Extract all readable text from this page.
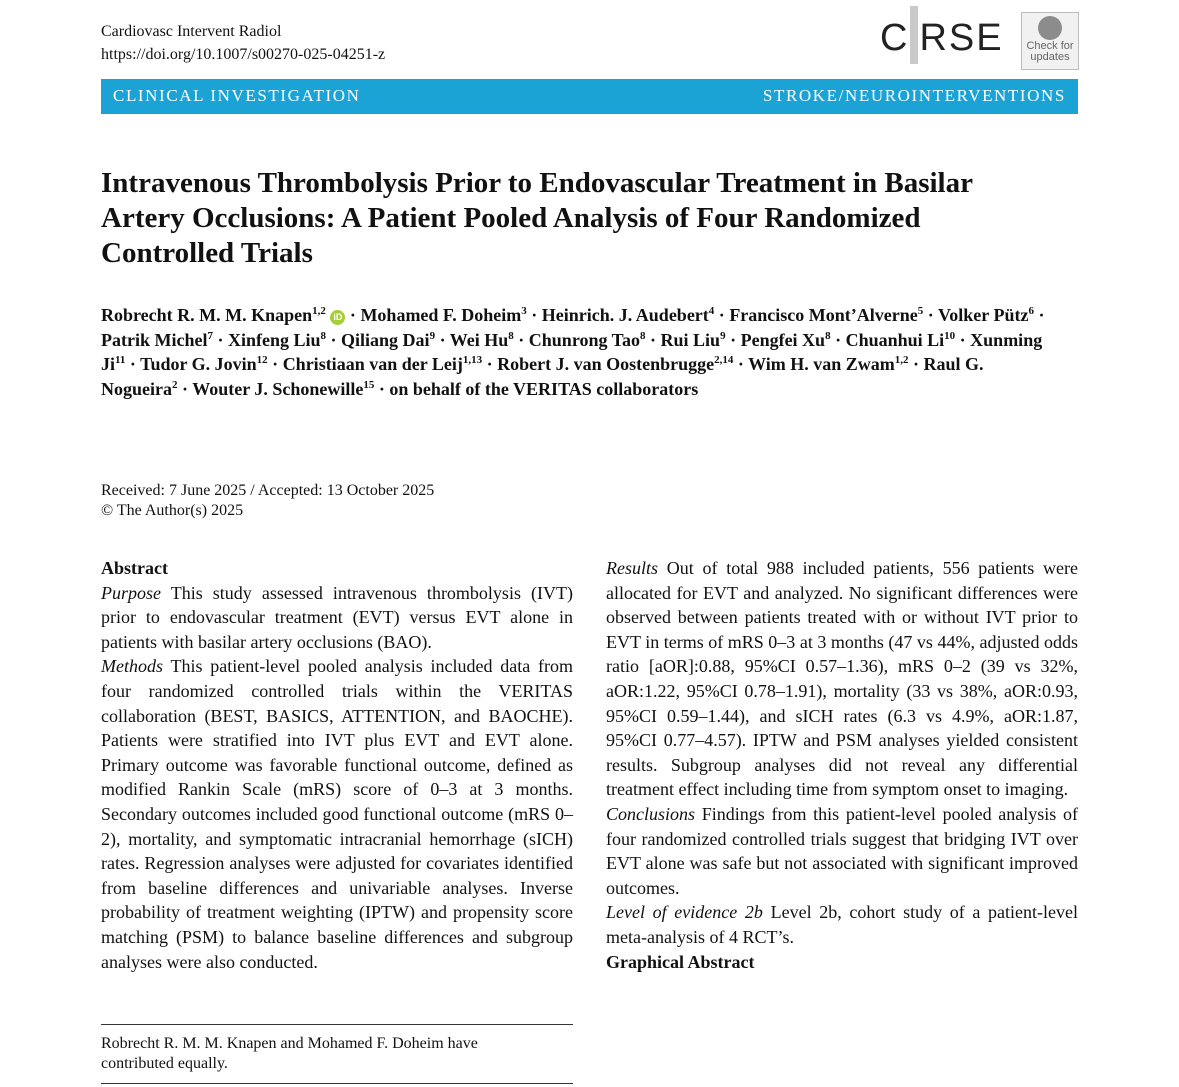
Cardiovasc Intervent Radiol
https://doi.org/10.1007/s00270-025-04251-z	C RSE	Check for
updates
CLINICAL INVESTIGATION	STROKE/NEUROINTERVENTIONS
Intravenous Thrombolysis Prior to Endovascular Treatment in Basilar Artery Occlusions: A Patient Pooled Analysis of Four Randomized Controlled Trials
Robrecht R. M. M. Knapen$^{1,2}$ iD · Mohamed F. Doheim$^3$ · Heinrich. J. Audebert$^4$ · Francisco Mont’Alverne$^5$ · Volker Pütz$^6$ · Patrik Michel$^7$ · Xinfeng Liu$^8$ · Qiliang Dai$^9$ · Wei $Hu^8$ · Chunrong Tao$^8$ · Rui Liu$^9$ · Pengfei $Xu^8$ · Chuanhui $Li^{10} \cdot Xunming$ $Ji^{11}$ · Tudor G. Jovin$^{12}$ · Christiaan van der Leij$^{1,13}$ · Robert J. van Oostenbrugge$^{2,14}$ · Wim H. van Zwam$^{1,2}$ · Raul G. Nogueira$^2$ · Wouter J. Schonewille$^{15}$ · on behalf of the VERITAS collaborators
Received: 7 June 2025 / Accepted: 13 October 2025
© The Author(s) 2025

Abstract

Purpose This study assessed intravenous thrombolysis (IVT) prior to endovascular treatment (EVT) versus EVT alone in patients with basilar artery occlusions (BAO).

Methods This patient-level pooled analysis included data from four randomized controlled trials within the VERITAS collaboration (BEST, BASICS, ATTENTION, and BAOCHE). Patients were stratified into IVT plus EVT and EVT alone. Primary outcome was favorable functional outcome, defined as modified Rankin Scale (mRS) score of 0–3 at 3 months. Secondary outcomes included good functional outcome (mRS 0–2), mortality, and symptomatic intracranial hemorrhage (sICH) rates. Regression analyses were adjusted for covariates identified from baseline differences and univariable analyses. Inverse probability of treatment weighting (IPTW) and propensity score matching (PSM) to balance baseline differences and subgroup analyses were also conducted.

Results Out of total 988 included patients, 556 patients were allocated for EVT and analyzed. No significant differences were observed between patients treated with or without IVT prior to EVT in terms of mRS 0–3 at 3 months (47 vs 44%, adjusted odds ratio [aOR]:0.88, 95%CI 0.57–1.36), mRS 0–2 (39 vs 32%, aOR:1.22, 95%CI 0.78–1.91), mortality (33 vs 38%, aOR:0.93, 95%CI 0.59–1.44), and sICH rates (6.3 vs 4.9%, aOR:1.87, 95%CI 0.77–4.57). IPTW and PSM analyses yielded consistent results. Subgroup analyses did not reveal any differential treatment effect including time from symptom onset to imaging.

Conclusions Findings from this patient-level pooled analysis of four randomized controlled trials suggest that bridging IVT over EVT alone was safe but not associated with significant improved outcomes.

Level of evidence 2b Level 2b, cohort study of a patient-level meta-analysis of 4 RCT’s.

Graphical Abstract

Robrecht R. M. M. Knapen and Mohamed F. Doheim have contributed equally.
